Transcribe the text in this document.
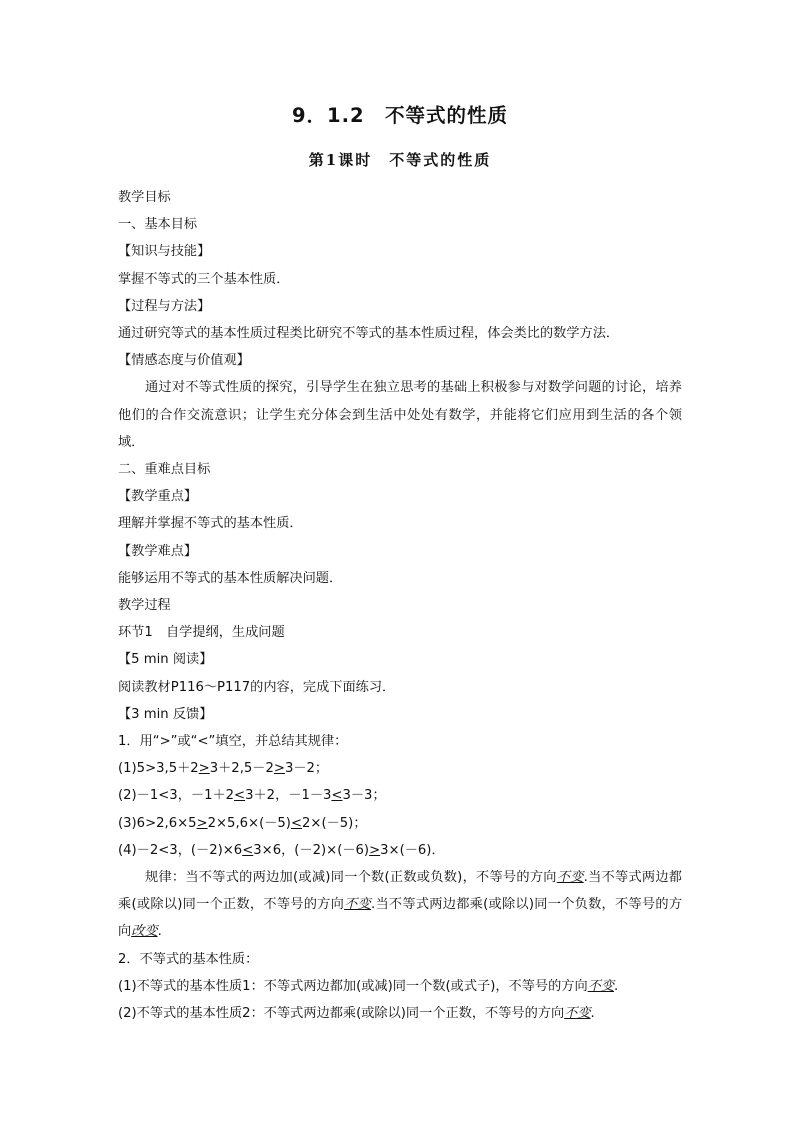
9．1.2　不等式的性质
第1课时　不等式的性质
教学目标
一、基本目标
【知识与技能】
掌握不等式的三个基本性质．
【过程与方法】
通过研究等式的基本性质过程类比研究不等式的基本性质过程，体会类比的数学方法．
【情感态度与价值观】
通过对不等式性质的探究，引导学生在独立思考的基础上积极参与对数学问题的讨论，培养他们的合作交流意识；让学生充分体会到生活中处处有数学，并能将它们应用到生活的各个领域．
二、重难点目标
【教学重点】
理解并掌握不等式的基本性质．
【教学难点】
能够运用不等式的基本性质解决问题．
教学过程
环节1　自学提纲，生成问题
【5 min 阅读】
阅读教材P116～P117的内容，完成下面练习．
【3 min 反馈】
1．用“>”或“<”填空，并总结其规律：
(1)5>3,5＋2>3＋2,5－2>3－2；
(2)－1<3，－1＋2<3＋2，－1－3<3－3；
(3)6>2,6×5>2×5,6×(－5)<2×(－5)；
(4)－2<3，(－2)×6<3×6，(－2)×(－6)>3×(－6)．
规律：当不等式的两边加(或减)同一个数(正数或负数)，不等号的方向不变.当不等式两边都乘(或除以)同一个正数，不等号的方向不变.当不等式两边都乘(或除以)同一个负数，不等号的方向改变.
2．不等式的基本性质：
(1)不等式的基本性质1：不等式两边都加(或减)同一个数(或式子)，不等号的方向不变.
(2)不等式的基本性质2：不等式两边都乘(或除以)同一个正数，不等号的方向不变.
